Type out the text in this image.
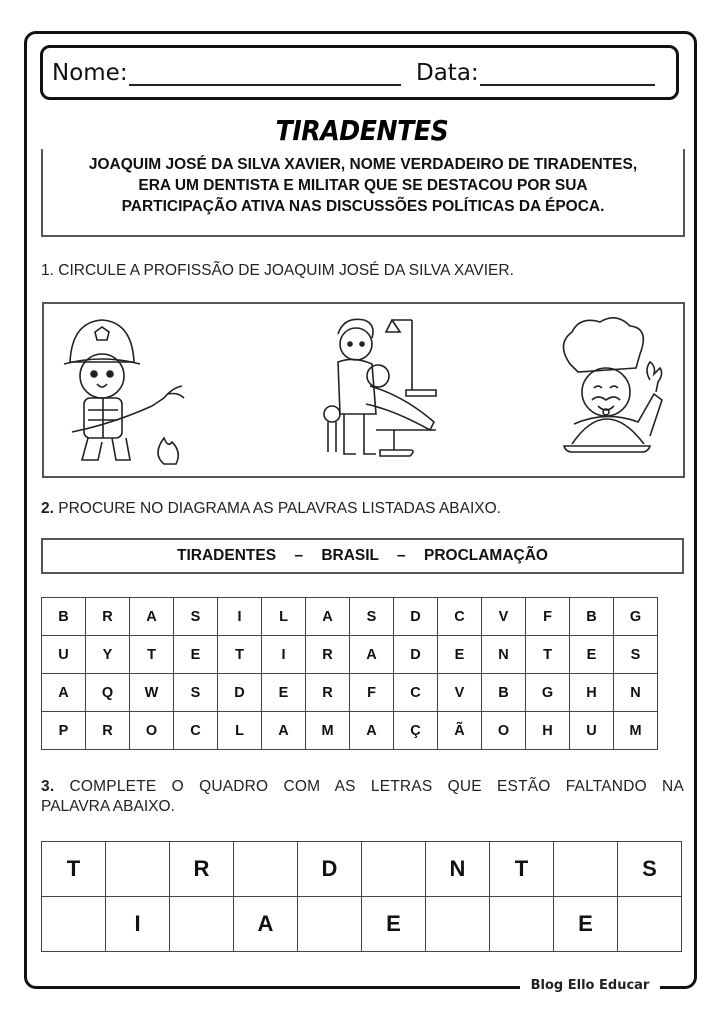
Blog Ello Educar
Nome:	Data:
TIRADENTES
JOAQUIM JOSÉ DA SILVA XAVIER, NOME VERDADEIRO DE TIRADENTES,
ERA UM DENTISTA E MILITAR QUE SE DESTACOU POR SUA
PARTICIPAÇÃO ATIVA NAS DISCUSSÕES POLÍTICAS DA ÉPOCA.
1. CIRCULE A PROFISSÃO DE JOAQUIM JOSÉ DA SILVA XAVIER.
2. PROCURE NO DIAGRAMA AS PALAVRAS LISTADAS ABAIXO.
TIRADENTES – BRASIL – PROCLAMAÇÃO
B	R	A	S	I	L	A	S	D	C	V	F	B	G
U	Y	T	E	T	I	R	A	D	E	N	T	E	S
A	Q	W	S	D	E	R	F	C	V	B	G	H	N
P	R	O	C	L	A	M	A	Ç	Ã	O	H	U	M
3. COMPLETE O QUADRO COM AS LETRAS QUE ESTÃO FALTANDO NA
PALAVRA ABAIXO.
T		R		D		N	T		S
	I		A		E			E	
